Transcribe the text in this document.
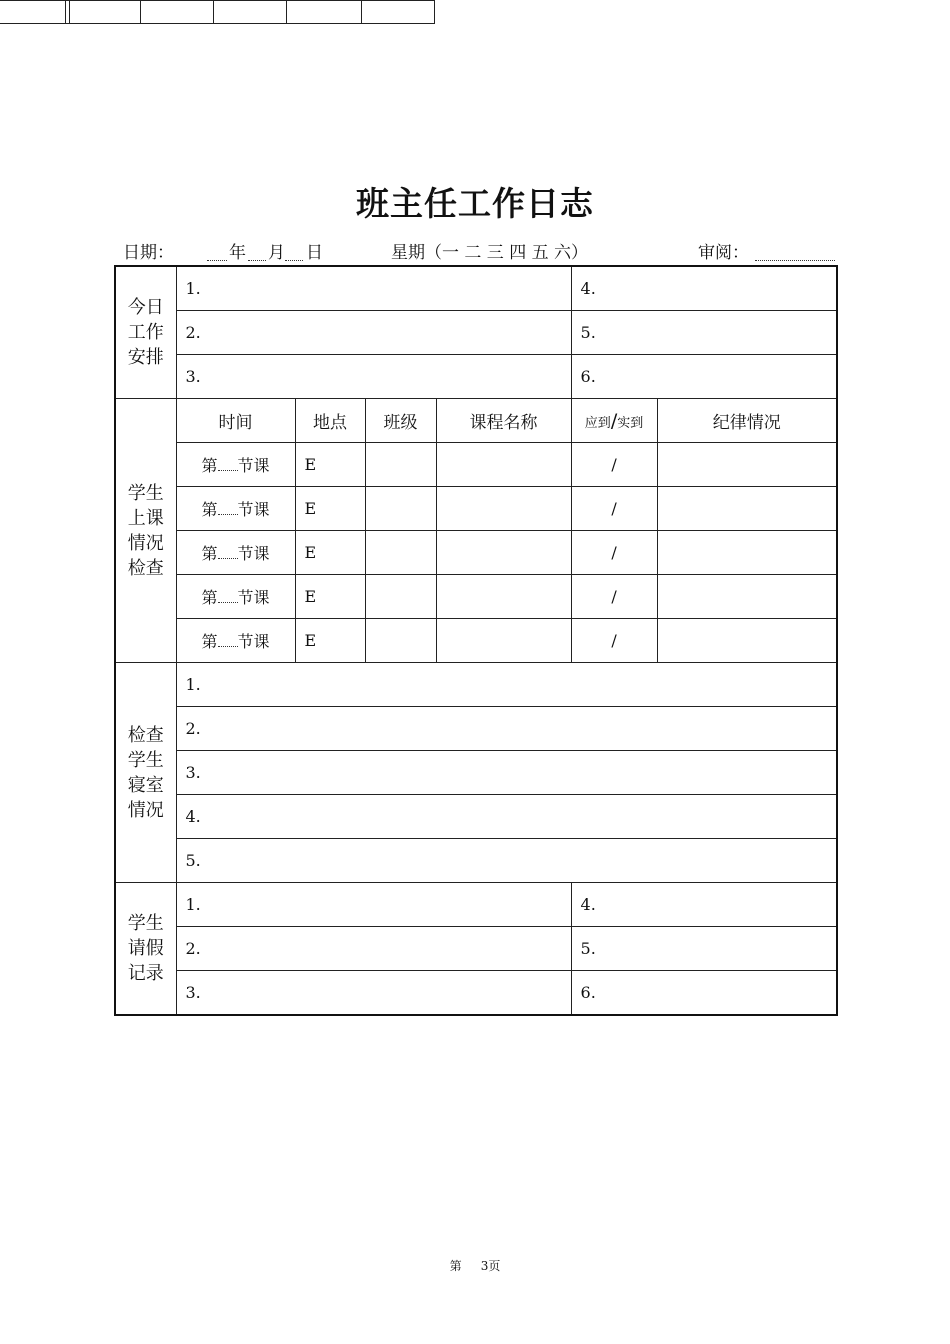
班主任工作日志
日期：	年 月 日	星期（一 二 三 四 五 六）	审阅：
今日工作安排	1.				4.	
	2.				5.	
	3.				6.	
学生上课情况检查	时间	地点	班级	课程名称	应到/实到	纪律情况
	第 节课	E			/	
	第 节课	E			/	
	第 节课	E			/	
	第 节课	E			/	
	第 节课	E			/	
检查学生寝室情况	1.					
	2.					
	3.					
	4.					
	5.					
学生请假记录	1.				4.	
	2.				5.	
	3.				6.	
第 3页
